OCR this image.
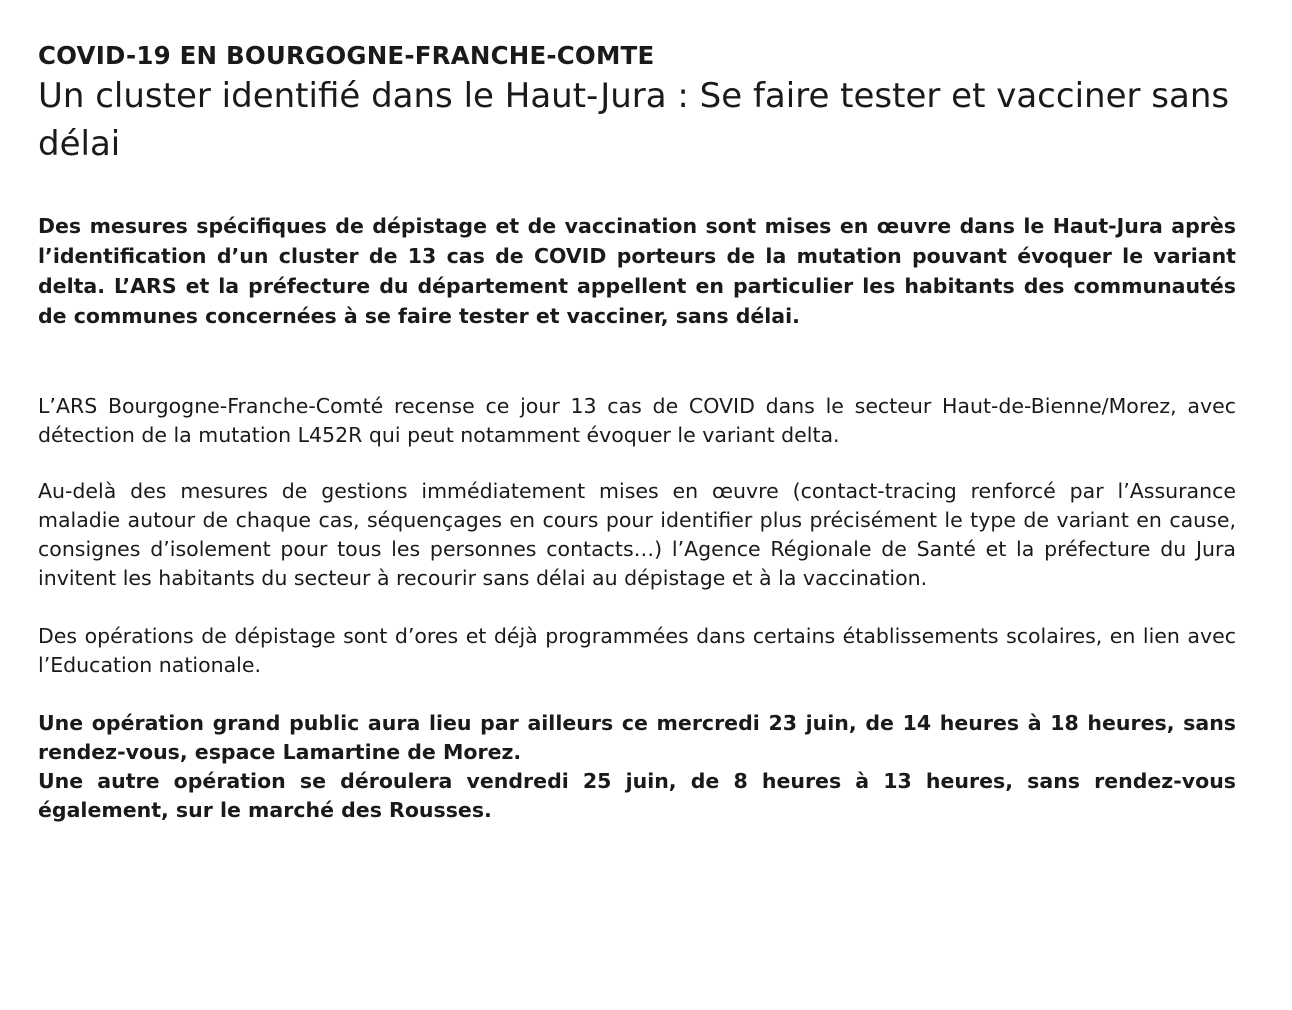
COVID-19 EN BOURGOGNE-FRANCHE-COMTE

Un cluster identifié dans le Haut-Jura : Se faire tester et vacciner sans délai

Des mesures spécifiques de dépistage et de vaccination sont mises en œuvre dans le Haut-Jura après l’identification d’un cluster de 13 cas de COVID porteurs de la mutation pouvant évoquer le variant delta. L’ARS et la préfecture du département appellent en particulier les habitants des communautés de communes concernées à se faire tester et vacciner, sans délai.

L’ARS Bourgogne-Franche-Comté recense ce jour 13 cas de COVID dans le secteur Haut-de-Bienne/Morez, avec détection de la mutation L452R qui peut notamment évoquer le variant delta.

Au-delà des mesures de gestions immédiatement mises en œuvre (contact-tracing renforcé par l’Assurance maladie autour de chaque cas, séquençages en cours pour identifier plus précisément le type de variant en cause, consignes d’isolement pour tous les personnes contacts…) l’Agence Régionale de Santé et la préfecture du Jura invitent les habitants du secteur à recourir sans délai au dépistage et à la vaccination.

Des opérations de dépistage sont d’ores et déjà programmées dans certains établissements scolaires, en lien avec l’Education nationale.

Une opération grand public aura lieu par ailleurs ce mercredi 23 juin, de 14 heures à 18 heures, sans rendez-vous, espace Lamartine de Morez.

Une autre opération se déroulera vendredi 25 juin, de 8 heures à 13 heures, sans rendez-vous également, sur le marché des Rousses.
